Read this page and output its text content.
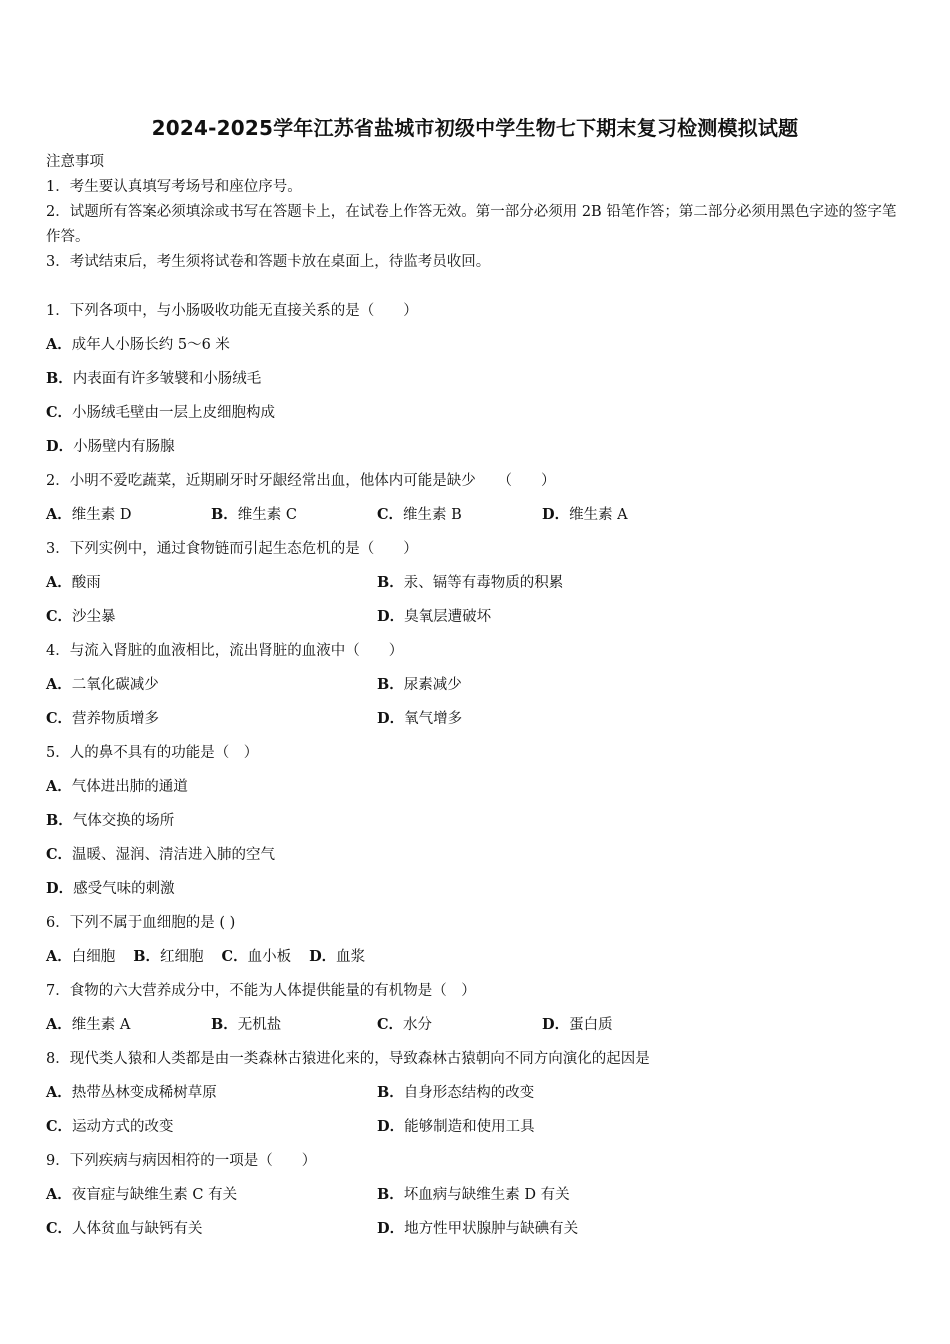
2024-2025学年江苏省盐城市初级中学生物七下期末复习检测模拟试题
注意事项
1．考生要认真填写考场号和座位序号。
2．试题所有答案必须填涂或书写在答题卡上，在试卷上作答无效。第一部分必须用 2B 铅笔作答；第二部分必须用黑色字迹的签字笔作答。
3．考试结束后，考生须将试卷和答题卡放在桌面上，待监考员收回。
1．下列各项中，与小肠吸收功能无直接关系的是（　　）
A．成年人小肠长约 5～6 米
B．内表面有许多皱襞和小肠绒毛
C．小肠绒毛壁由一层上皮细胞构成
D．小肠壁内有肠腺
2．小明不爱吃蔬菜，近期刷牙时牙龈经常出血，他体内可能是缺少　　（　　）
A．维生素 D	B．维生素 C	C．维生素 B	D．维生素 A
3．下列实例中，通过食物链而引起生态危机的是（　　）
A．酸雨	B．汞、镉等有毒物质的积累
C．沙尘暴	D．臭氧层遭破坏
4．与流入肾脏的血液相比，流出肾脏的血液中（　　）
A．二氧化碳减少	B．尿素减少
C．营养物质增多	D．氧气增多
5．人的鼻不具有的功能是（　）
A．气体进出肺的通道
B．气体交换的场所
C．温暖、湿润、清洁进入肺的空气
D．感受气味的刺激
6．下列不属于血细胞的是 ( )
A．白细胞 B．红细胞 C．血小板 D．血浆
7．食物的六大营养成分中，不能为人体提供能量的有机物是（　）
A．维生素 A	B．无机盐	C．水分	D．蛋白质
8．现代类人猿和人类都是由一类森林古猿进化来的，导致森林古猿朝向不同方向演化的起因是
A．热带丛林变成稀树草原	B．自身形态结构的改变
C．运动方式的改变	D．能够制造和使用工具
9．下列疾病与病因相符的一项是（　　）
A．夜盲症与缺维生素 C 有关	B．坏血病与缺维生素 D 有关
C．人体贫血与缺钙有关	D．地方性甲状腺肿与缺碘有关
